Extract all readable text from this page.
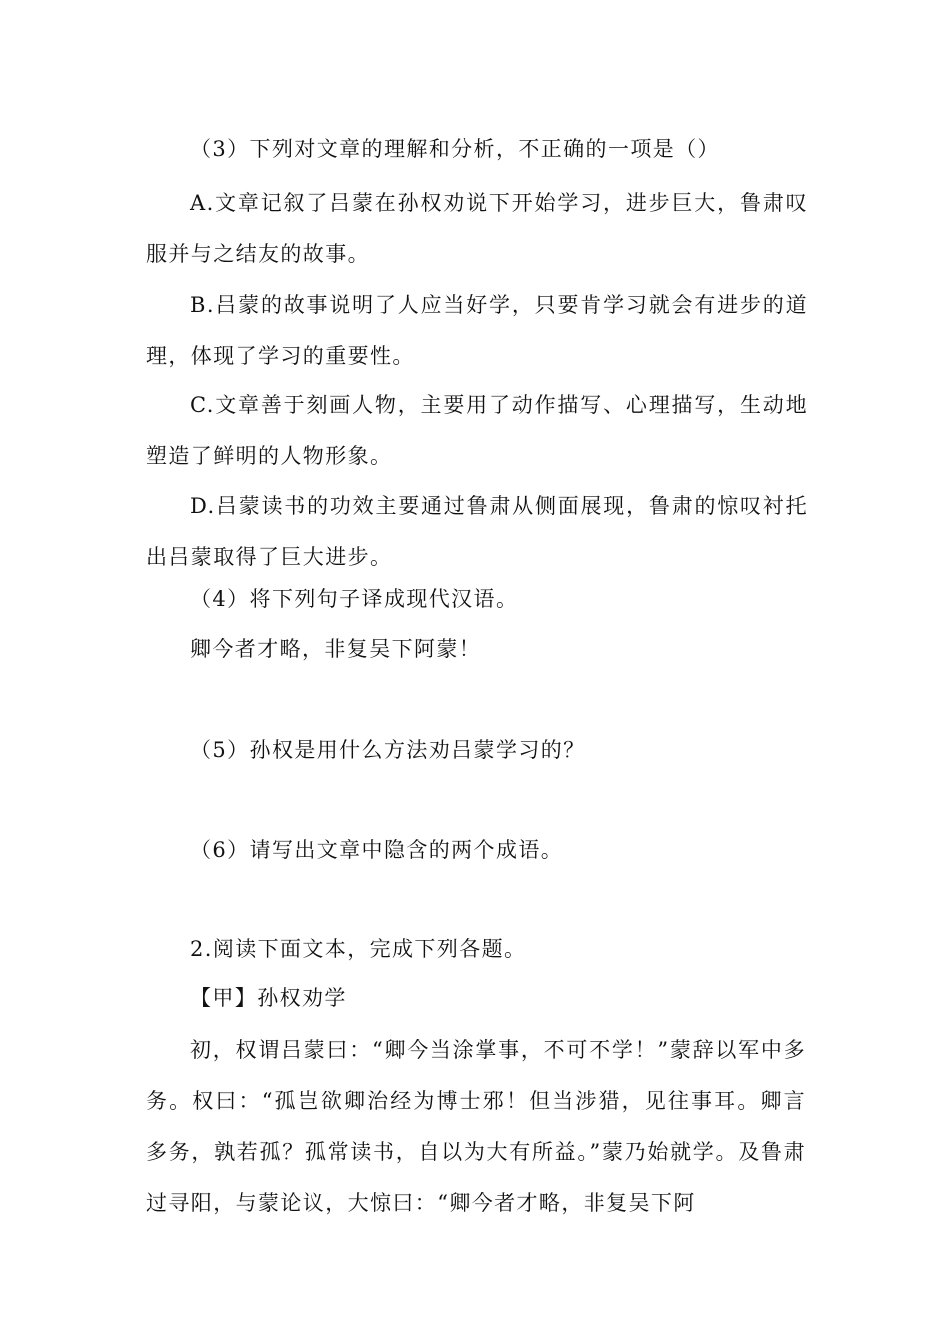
（3）下列对文章的理解和分析，不正确的一项是（）
A.文章记叙了吕蒙在孙权劝说下开始学习，进步巨大，鲁肃叹服并与之结友的故事。
B.吕蒙的故事说明了人应当好学，只要肯学习就会有进步的道理，体现了学习的重要性。
C.文章善于刻画人物，主要用了动作描写、心理描写，生动地塑造了鲜明的人物形象。
D.吕蒙读书的功效主要通过鲁肃从侧面展现，鲁肃的惊叹衬托出吕蒙取得了巨大进步。
（4）将下列句子译成现代汉语。
卿今者才略，非复吴下阿蒙！
（5）孙权是用什么方法劝吕蒙学习的？
（6）请写出文章中隐含的两个成语。
2.阅读下面文本，完成下列各题。
【甲】孙权劝学
初，权谓吕蒙曰：“卿今当涂掌事，不可不学！”蒙辞以军中多务。权曰：“孤岂欲卿治经为博士邪！但当涉猎，见往事耳。卿言多务，孰若孤？孤常读书，自以为大有所益。”蒙乃始就学。及鲁肃过寻阳，与蒙论议，大惊曰：“卿今者才略，非复吴下阿
